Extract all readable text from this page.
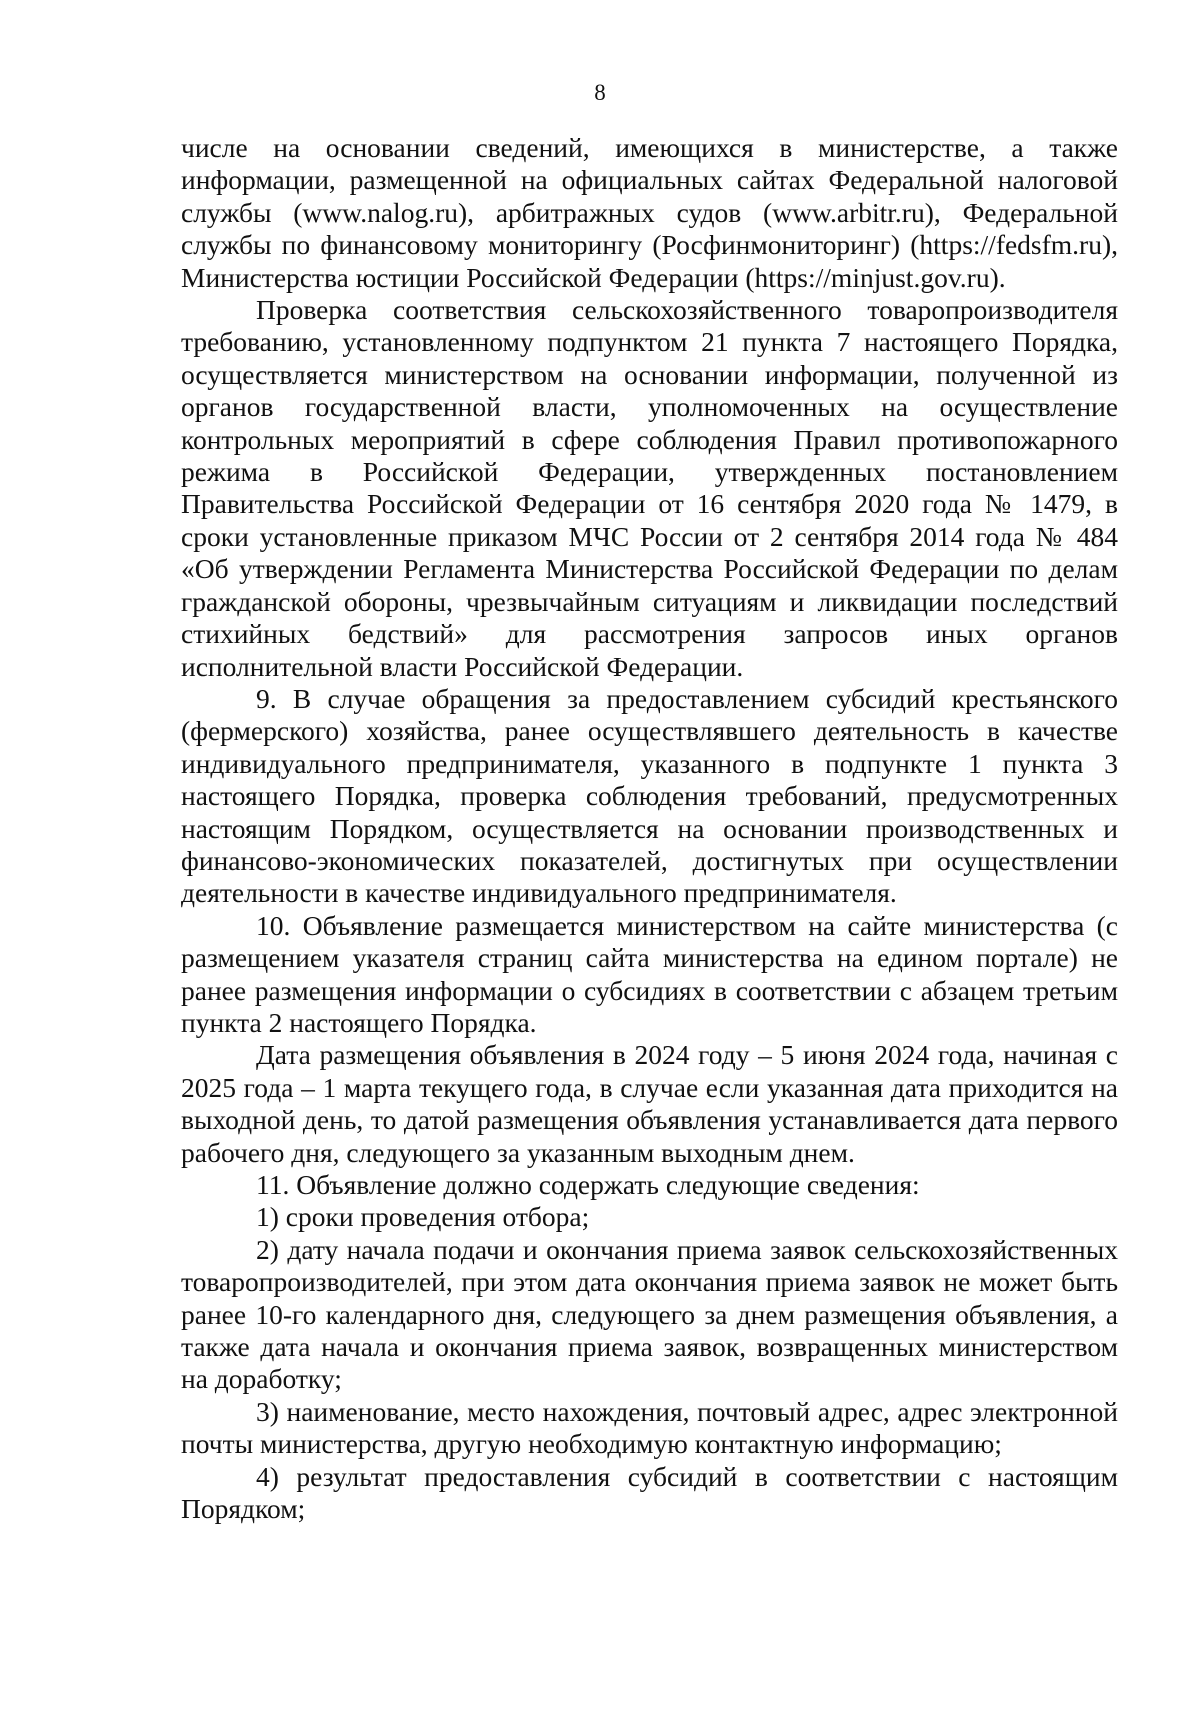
8

числе на основании сведений, имеющихся в министерстве, а также информации, размещенной на официальных сайтах Федеральной налоговой службы (www.nalog.ru), арбитражных судов (www.arbitr.ru), Федеральной службы по финансовому мониторингу (Росфинмониторинг) (https://fedsfm.ru), Министерства юстиции Российской Федерации (https://minjust.gov.ru).

Проверка соответствия сельскохозяйственного товаропроизводителя требованию, установленному подпунктом 21 пункта 7 настоящего Порядка, осуществляется министерством на основании информации, полученной из органов государственной власти, уполномоченных на осуществление контрольных мероприятий в сфере соблюдения Правил противопожарного режима в Российской Федерации, утвержденных постановлением Правительства Российской Федерации от 16 сентября 2020 года № 1479, в сроки установленные приказом МЧС России от 2 сентября 2014 года № 484 «Об утверждении Регламента Министерства Российской Федерации по делам гражданской обороны, чрезвычайным ситуациям и ликвидации последствий стихийных бедствий» для рассмотрения запросов иных органов исполнительной власти Российской Федерации.

9. В случае обращения за предоставлением субсидий крестьянского (фермерского) хозяйства, ранее осуществлявшего деятельность в качестве индивидуального предпринимателя, указанного в подпункте 1 пункта 3 настоящего Порядка, проверка соблюдения требований, предусмотренных настоящим Порядком, осуществляется на основании производственных и финансово-экономических показателей, достигнутых при осуществлении деятельности в качестве индивидуального предпринимателя.

10. Объявление размещается министерством на сайте министерства (с размещением указателя страниц сайта министерства на едином портале) не ранее размещения информации о субсидиях в соответствии с абзацем третьим пункта 2 настоящего Порядка.

Дата размещения объявления в 2024 году – 5 июня 2024 года, начиная с 2025 года – 1 марта текущего года, в случае если указанная дата приходится на выходной день, то датой размещения объявления устанавливается дата первого рабочего дня, следующего за указанным выходным днем.

11. Объявление должно содержать следующие сведения:

1) сроки проведения отбора;

2) дату начала подачи и окончания приема заявок сельскохозяйственных товаропроизводителей, при этом дата окончания приема заявок не может быть ранее 10-го календарного дня, следующего за днем размещения объявления, а также дата начала и окончания приема заявок, возвращенных министерством на доработку;

3) наименование, место нахождения, почтовый адрес, адрес электронной почты министерства, другую необходимую контактную информацию;

4) результат предоставления субсидий в соответствии с настоящим Порядком;
